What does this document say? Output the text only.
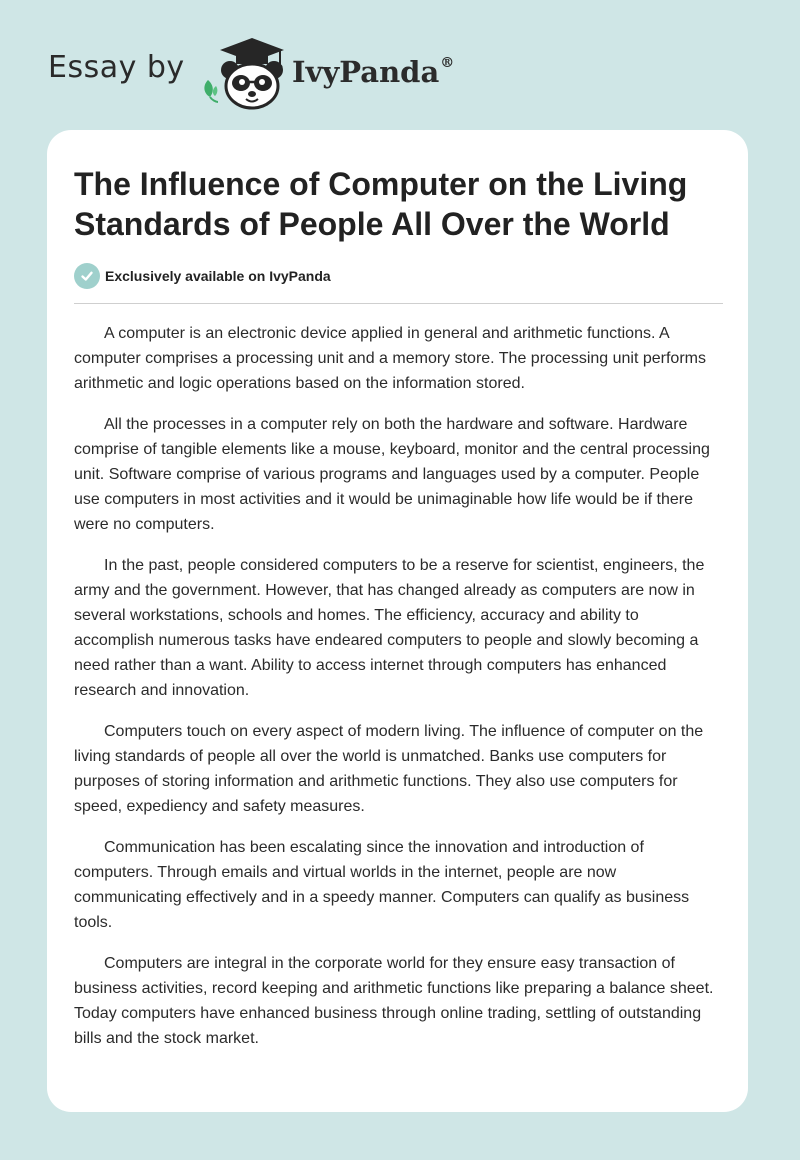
Essay by	IvyPanda®
The Influence of Computer on the Living Standards of People All Over the World
Exclusively available on IvyPanda

A computer is an electronic device applied in general and arithmetic functions. A computer comprises a processing unit and a memory store. The processing unit performs arithmetic and logic operations based on the information stored.

All the processes in a computer rely on both the hardware and software. Hardware comprise of tangible elements like a mouse, keyboard, monitor and the central processing unit. Software comprise of various programs and languages used by a computer. People use computers in most activities and it would be unimaginable how life would be if there were no computers.

In the past, people considered computers to be a reserve for scientist, engineers, the army and the government. However, that has changed already as computers are now in several workstations, schools and homes. The efficiency, accuracy and ability to accomplish numerous tasks have endeared computers to people and slowly becoming a need rather than a want. Ability to access internet through computers has enhanced research and innovation.

Computers touch on every aspect of modern living. The influence of computer on the living standards of people all over the world is unmatched. Banks use computers for purposes of storing information and arithmetic functions. They also use computers for speed, expediency and safety measures.

Communication has been escalating since the innovation and introduction of computers. Through emails and virtual worlds in the internet, people are now communicating effectively and in a speedy manner. Computers can qualify as business tools.

Computers are integral in the corporate world for they ensure easy transaction of business activities, record keeping and arithmetic functions like preparing a balance sheet. Today computers have enhanced business through online trading, settling of outstanding bills and the stock market.
